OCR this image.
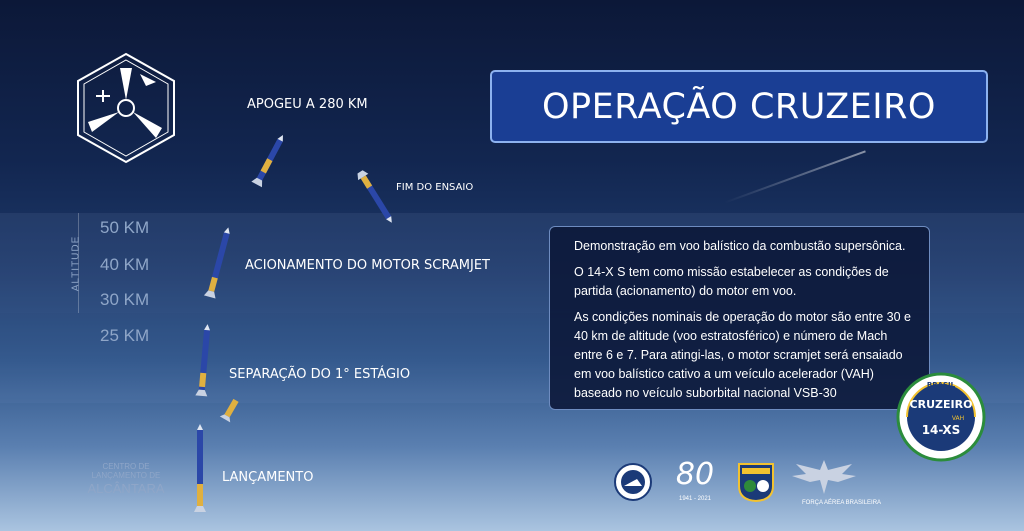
OPERAÇÃO CRUZEIRO
ALTITUDE
50 KM
40 KM
30 KM
25 KM
CENTRO DE
LANÇAMENTO DE
ALCÂNTARA
APOGEU A 280 KM
FIM DO ENSAIO
ACIONAMENTO DO MOTOR SCRAMJET
SEPARAÇÃO DO 1° ESTÁGIO
LANÇAMENTO

Demonstração em voo balístico da combustão supersônica.

O 14-X S tem como missão estabelecer as condições de partida (acionamento) do motor em voo.

As condições nominais de operação do motor são entre 30 e 40 km de altitude (voo estratosférico) e número de Mach entre 6 e 7. Para atingi-las, o motor scramjet será ensaiado em voo balístico cativo a um veículo acelerador (VAH) baseado no veículo suborbital nacional VSB-30

BRASIL
CRUZEIRO
VAH
14-XS
80
1941 - 2021
FORÇA AÉREA BRASILEIRA
